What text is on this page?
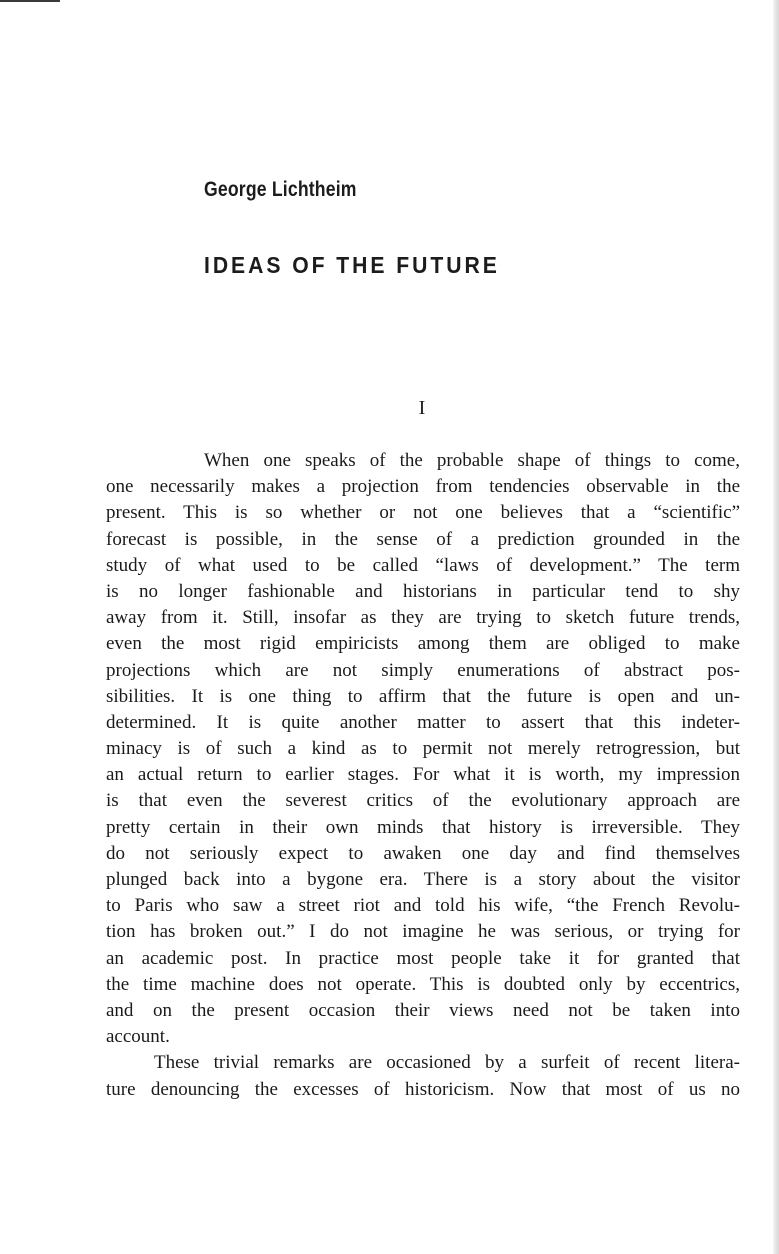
George Lichtheim
IDEAS OF THE FUTURE
I
When one speaks of the probable shape of things to come,
one necessarily makes a projection from tendencies observable in the
present. This is so whether or not one believes that a “scientific”
forecast is possible, in the sense of a prediction grounded in the
study of what used to be called “laws of development.” The term
is no longer fashionable and historians in particular tend to shy
away from it. Still, insofar as they are trying to sketch future trends,
even the most rigid empiricists among them are obliged to make
projections which are not simply enumerations of abstract pos-
sibilities. It is one thing to affirm that the future is open and un-
determined. It is quite another matter to assert that this indeter-
minacy is of such a kind as to permit not merely retrogression, but
an actual return to earlier stages. For what it is worth, my impression
is that even the severest critics of the evolutionary approach are
pretty certain in their own minds that history is irreversible. They
do not seriously expect to awaken one day and find themselves
plunged back into a bygone era. There is a story about the visitor
to Paris who saw a street riot and told his wife, “the French Revolu-
tion has broken out.” I do not imagine he was serious, or trying for
an academic post. In practice most people take it for granted that
the time machine does not operate. This is doubted only by eccentrics,
and on the present occasion their views need not be taken into
account.
These trivial remarks are occasioned by a surfeit of recent litera-
ture denouncing the excesses of historicism. Now that most of us no
